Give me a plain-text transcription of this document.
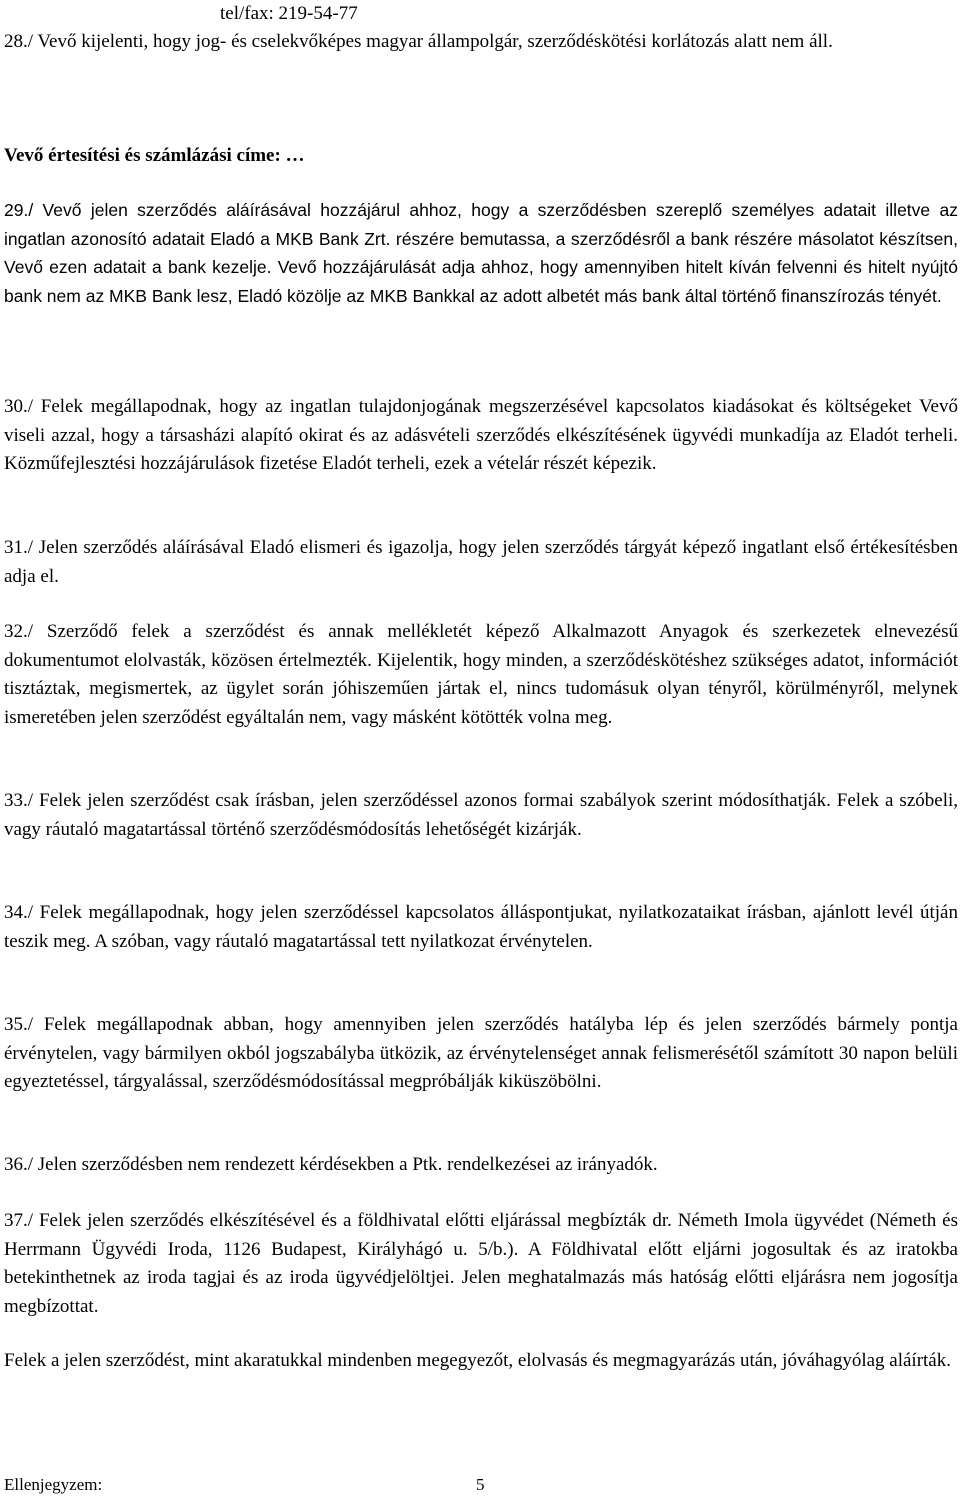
tel/fax: 219-54-77

28./ Vevő kijelenti, hogy jog- és cselekvőképes magyar állampolgár, szerződéskötési korlátozás alatt nem áll.

Vevő értesítési és számlázási címe: …

29./ Vevő jelen szerződés aláírásával hozzájárul ahhoz, hogy a szerződésben szereplő személyes adatait illetve az ingatlan azonosító adatait Eladó a MKB Bank Zrt. részére bemutassa, a szerződésről a bank részére másolatot készítsen, Vevő ezen adatait a bank kezelje. Vevő hozzájárulását adja ahhoz, hogy amennyiben hitelt kíván felvenni és hitelt nyújtó bank nem az MKB Bank lesz, Eladó közölje az MKB Bankkal az adott albetét más bank által történő finanszírozás tényét.

30./ Felek megállapodnak, hogy az ingatlan tulajdonjogának megszerzésével kapcsolatos kiadásokat és költségeket Vevő viseli azzal, hogy a társasházi alapító okirat és az adásvételi szerződés elkészítésének ügyvédi munkadíja az Eladót terheli. Közműfejlesztési hozzájárulások fizetése Eladót terheli, ezek a vételár részét képezik.

31./ Jelen szerződés aláírásával Eladó elismeri és igazolja, hogy jelen szerződés tárgyát képező ingatlant első értékesítésben adja el.

32./ Szerződő felek a szerződést és annak mellékletét képező Alkalmazott Anyagok és szerkezetek elnevezésű dokumentumot elolvasták, közösen értelmezték. Kijelentik, hogy minden, a szerződéskötéshez szükséges adatot, információt tisztáztak, megismertek, az ügylet során jóhiszeműen jártak el, nincs tudomásuk olyan tényről, körülményről, melynek ismeretében jelen szerződést egyáltalán nem, vagy másként kötötték volna meg.

33./ Felek jelen szerződést csak írásban, jelen szerződéssel azonos formai szabályok szerint módosíthatják. Felek a szóbeli, vagy ráutaló magatartással történő szerződésmódosítás lehetőségét kizárják.

34./ Felek megállapodnak, hogy jelen szerződéssel kapcsolatos álláspontjukat, nyilatkozataikat írásban, ajánlott levél útján teszik meg. A szóban, vagy ráutaló magatartással tett nyilatkozat érvénytelen.

35./ Felek megállapodnak abban, hogy amennyiben jelen szerződés hatályba lép és jelen szerződés bármely pontja érvénytelen, vagy bármilyen okból jogszabályba ütközik, az érvénytelenséget annak felismerésétől számított 30 napon belüli egyeztetéssel, tárgyalással, szerződésmódosítással megpróbálják kiküszöbölni.

36./ Jelen szerződésben nem rendezett kérdésekben a Ptk. rendelkezései az irányadók.

37./ Felek jelen szerződés elkészítésével és a földhivatal előtti eljárással megbízták dr. Németh Imola ügyvédet (Németh és Herrmann Ügyvédi Iroda, 1126 Budapest, Királyhágó u. 5/b.). A Földhivatal előtt eljárni jogosultak és az iratokba betekinthetnek az iroda tagjai és az iroda ügyvédjelöltjei. Jelen meghatalmazás más hatóság előtti eljárásra nem jogosítja megbízottat.

Felek a jelen szerződést, mint akaratukkal mindenben megegyezőt, elolvasás és megmagyarázás után, jóváhagyólag aláírták.

Ellenjegyzem:	5
